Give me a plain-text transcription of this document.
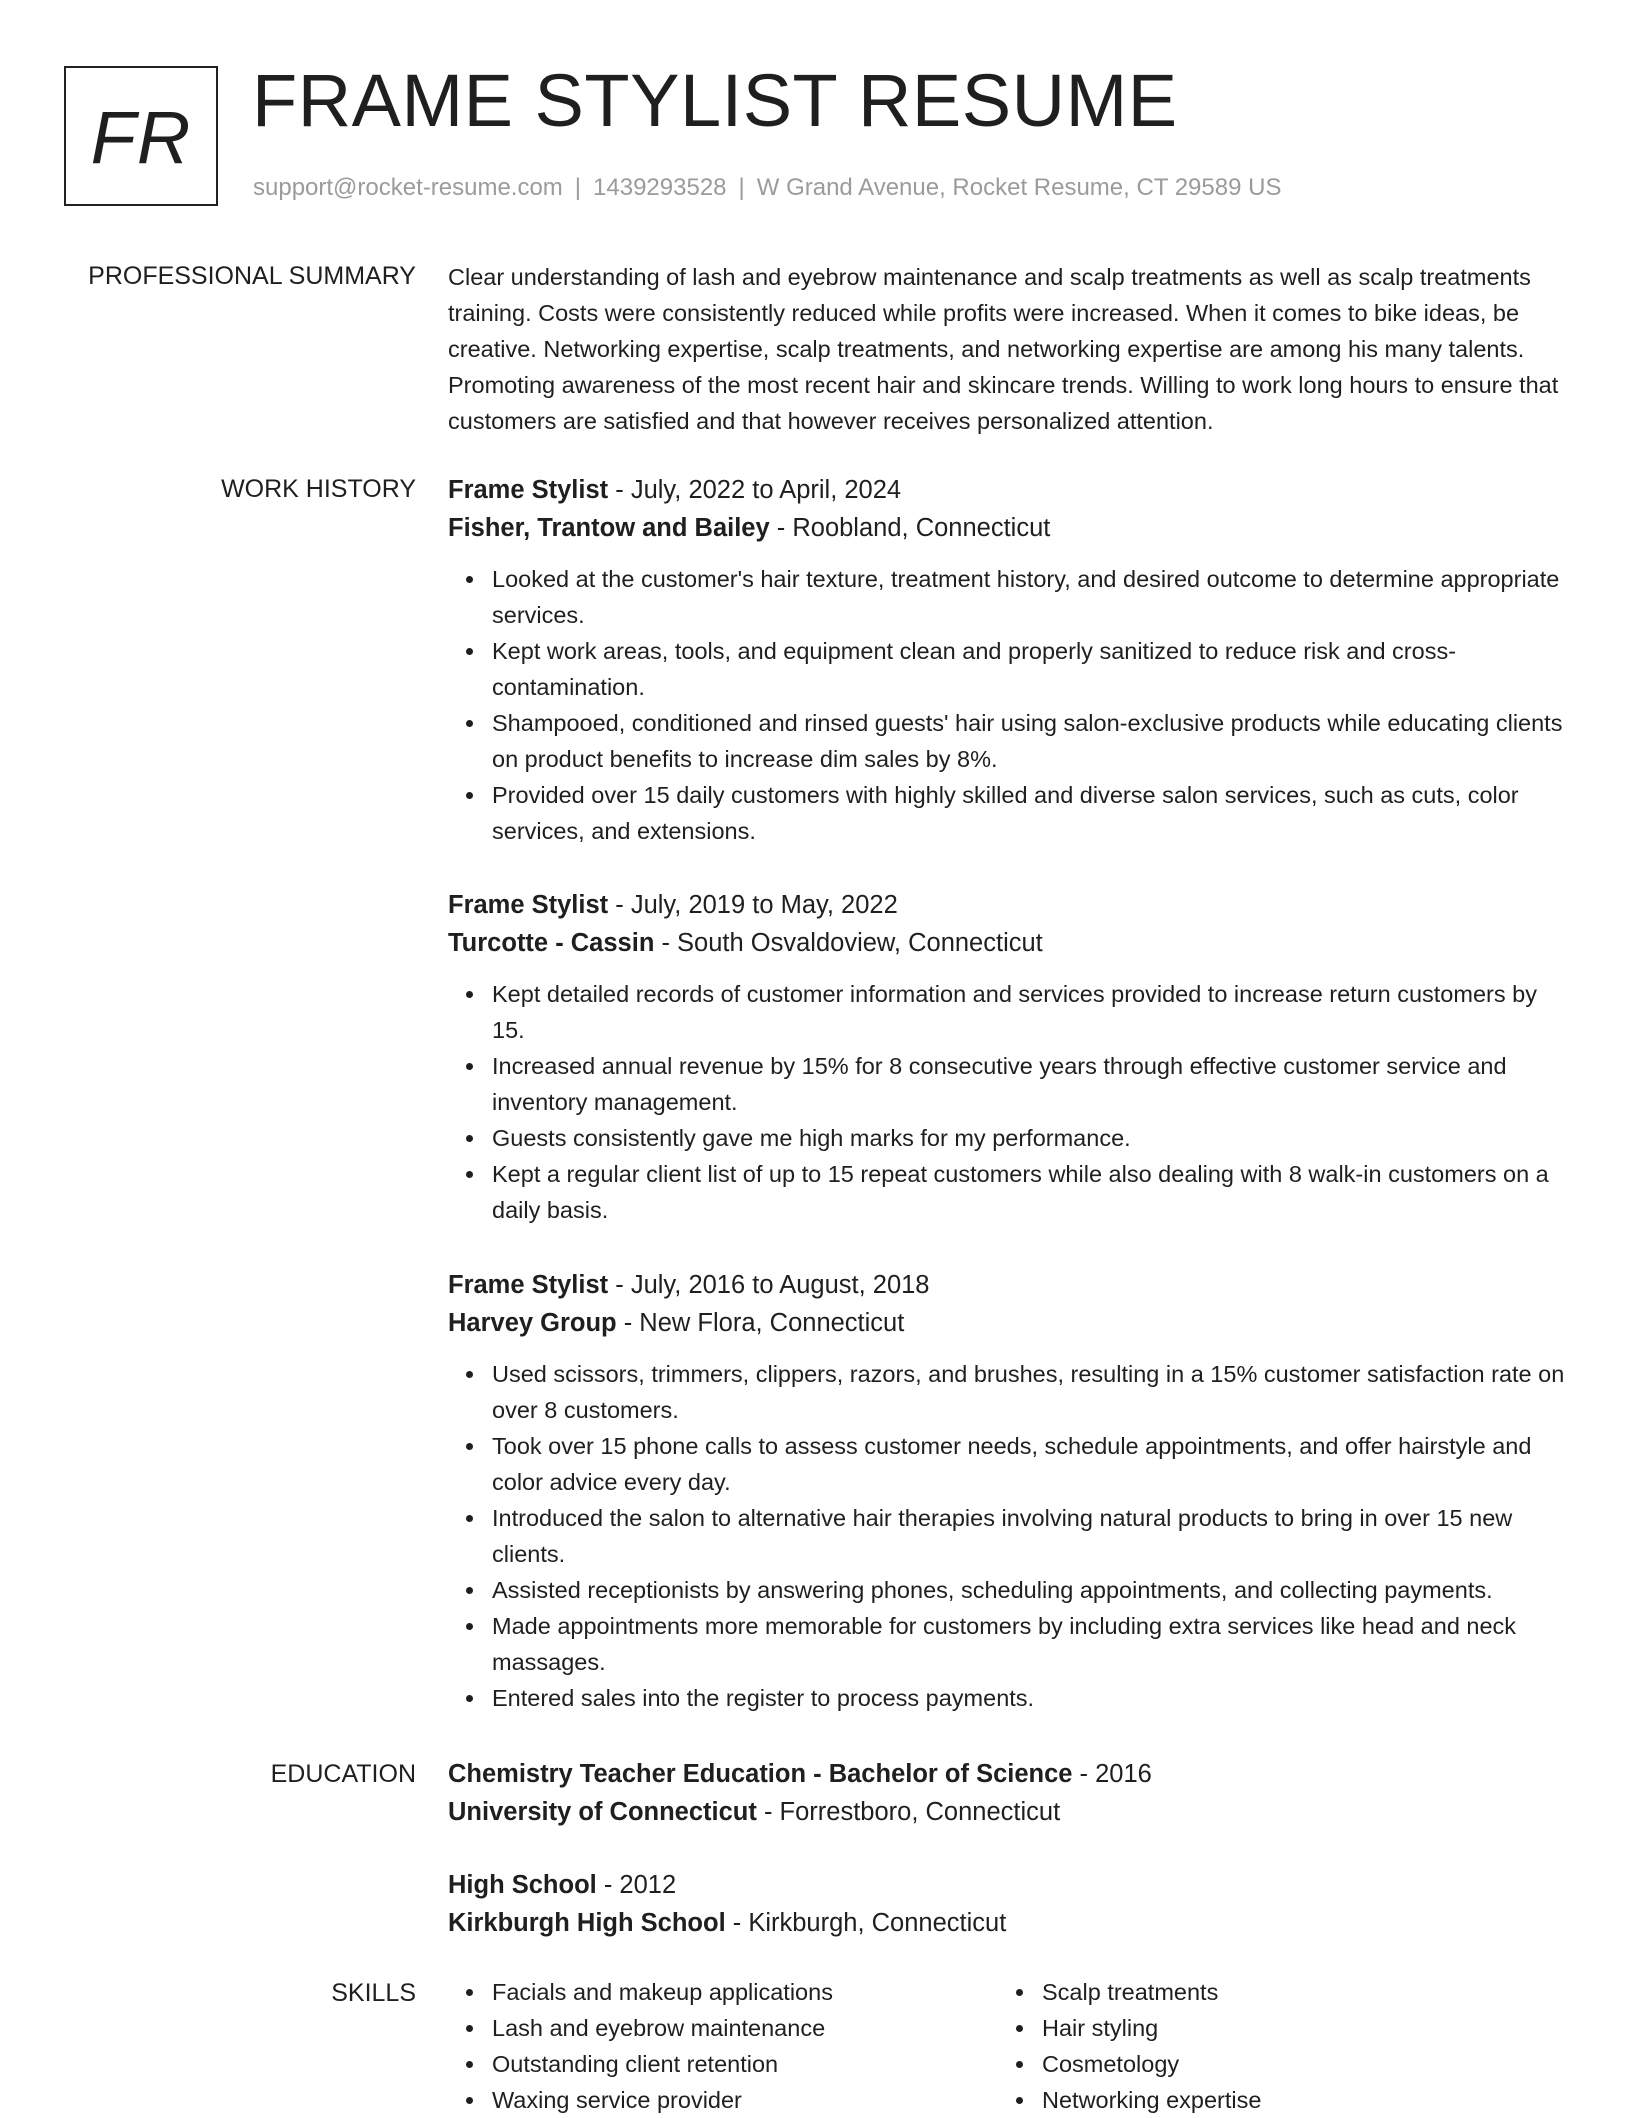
FR FRAME STYLIST RESUME
support@rocket-resume.com | 1439293528 | W Grand Avenue, Rocket Resume, CT 29589 US
PROFESSIONAL SUMMARY Clear understanding of lash and eyebrow maintenance and scalp treatments as well as scalp treatments training. Costs were consistently reduced while profits were increased. When it comes to bike ideas, be creative. Networking expertise, scalp treatments, and networking expertise are among his many talents. Promoting awareness of the most recent hair and skincare trends. Willing to work long hours to ensure that customers are satisfied and that however receives personalized attention.

WORK HISTORY Frame Stylist - July, 2022 to April, 2024
Fisher, Trantow and Bailey - Roobland, Connecticut
Looked at the customer's hair texture, treatment history, and desired outcome to determine appropriate services.
Kept work areas, tools, and equipment clean and properly sanitized to reduce risk and cross-contamination.
Shampooed, conditioned and rinsed guests' hair using salon-exclusive products while educating clients on product benefits to increase dim sales by 8%.
Provided over 15 daily customers with highly skilled and diverse salon services, such as cuts, color services, and extensions.
Frame Stylist - July, 2019 to May, 2022
Turcotte - Cassin - South Osvaldoview, Connecticut
Kept detailed records of customer information and services provided to increase return customers by 15.
Increased annual revenue by 15% for 8 consecutive years through effective customer service and inventory management.
Guests consistently gave me high marks for my performance.
Kept a regular client list of up to 15 repeat customers while also dealing with 8 walk-in customers on a daily basis.
Frame Stylist - July, 2016 to August, 2018
Harvey Group - New Flora, Connecticut
Used scissors, trimmers, clippers, razors, and brushes, resulting in a 15% customer satisfaction rate on over 8 customers.
Took over 15 phone calls to assess customer needs, schedule appointments, and offer hairstyle and color advice every day.
Introduced the salon to alternative hair therapies involving natural products to bring in over 15 new clients.
Assisted receptionists by answering phones, scheduling appointments, and collecting payments.
Made appointments more memorable for customers by including extra services like head and neck massages.
Entered sales into the register to process payments.
EDUCATION Chemistry Teacher Education - Bachelor of Science - 2016
University of Connecticut - Forrestboro, Connecticut
High School - 2012
Kirkburgh High School - Kirkburgh, Connecticut
SKILLS	Facials and makeup applications
Lash and eyebrow maintenance
Outstanding client retention
Waxing service provider
Scalp treatments
Hair styling
Cosmetology
Networking expertise
